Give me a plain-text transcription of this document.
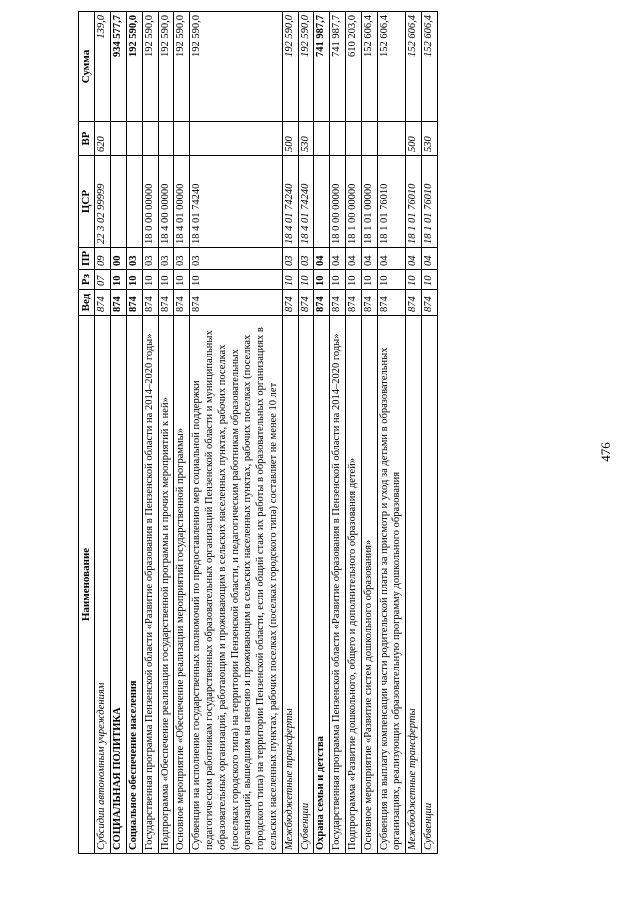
476
Наименование	Вед	Рз	ПР	ЦСР	ВР	Сумма
Субсидии автономным учреждениям	874	07	09	22 3 02 99999	620	139,0
СОЦИАЛЬНАЯ ПОЛИТИКА	874	10	00			934 577,7
Социальное обеспечение населения	874	10	03			192 590,0
Государственная программа Пензенской области «Развитие образования в Пензенской области на 2014–2020 годы»	874	10	03	18 0 00 00000		192 590,0
Подпрограмма «Обеспечение реализации государственной программы и прочих мероприятий к ней»	874	10	03	18 4 00 00000		192 590,0
Основное мероприятие «Обеспечение реализации мероприятий государственной программы»	874	10	03	18 4 01 00000		192 590,0
Субвенции на исполнение государственных полномочий по предоставлению мер социальной поддержки педагогическим работникам государственных образовательных организаций Пензенской области и муниципальных образовательных организаций, работающим и проживающим в сельских населенных пунктах, рабочих поселках (поселках городского типа) на территории Пензенской области, и педагогическим работникам образовательных организаций, вышедшим на пенсию и проживающим в сельских населенных пунктах, рабочих поселках (поселках городского типа) на территории Пензенской области, если общий стаж их работы в образовательных организациях в сельских населенных пунктах, рабочих поселках (поселках городского типа) составляет не менее 10 лет	874	10	03	18 4 01 74240		192 590,0
Межбюджетные трансферты	874	10	03	18 4 01 74240	500	192 590,0
Субвенции	874	10	03	18 4 01 74240	530	192 590,0
Охрана семьи и детства	874	10	04			741 987,7
Государственная программа Пензенской области «Развитие образования в Пензенской области на 2014–2020 годы»	874	10	04	18 0 00 00000		741 987,7
Подпрограмма «Развитие дошкольного, общего и дополнительного образования детей»	874	10	04	18 1 00 00000		610 203,0
Основное мероприятие «Развитие систем дошкольного образования»	874	10	04	18 1 01 00000		152 606,4
Субвенция на выплату компенсации части родительской платы за присмотр и уход за детьми в образовательных организациях, реализующих образовательную программу дошкольного образования	874	10	04	18 1 01 76010		152 606,4
Межбюджетные трансферты	874	10	04	18 1 01 76010	500	152 606,4
Субвенции	874	10	04	18 1 01 76010	530	152 606,4
